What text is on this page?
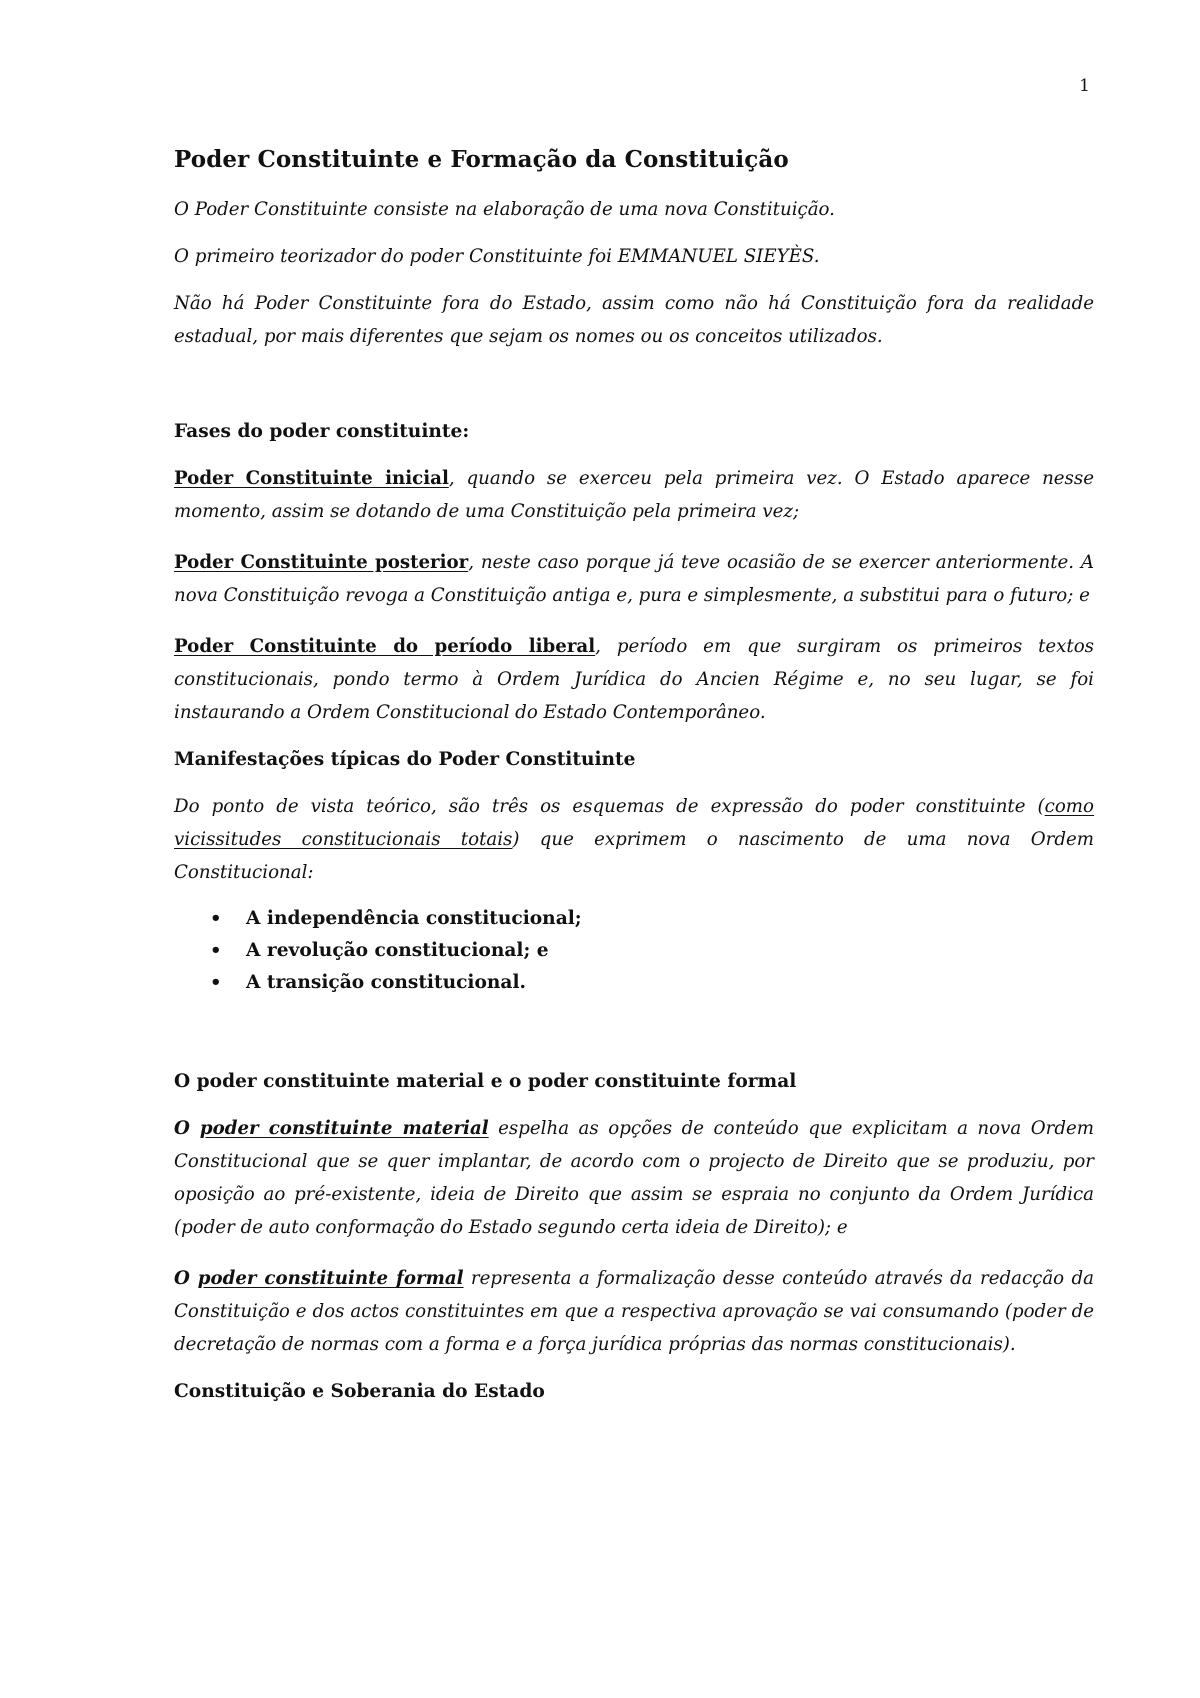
1
Poder Constituinte e Formação da Constituição

O Poder Constituinte consiste na elaboração de uma nova Constituição.

O primeiro teorizador do poder Constituinte foi EMMANUEL SIEYÈS.

Não há Poder Constituinte fora do Estado, assim como não há Constituição fora da realidade estadual, por mais diferentes que sejam os nomes ou os conceitos utilizados.

Fases do poder constituinte:

Poder Constituinte inicial, quando se exerceu pela primeira vez. O Estado aparece nesse momento, assim se dotando de uma Constituição pela primeira vez;

Poder Constituinte posterior, neste caso porque já teve ocasião de se exercer anteriormente. A nova Constituição revoga a Constituição antiga e, pura e simplesmente, a substitui para o futuro; e

Poder Constituinte do período liberal, período em que surgiram os primeiros textos constitucionais, pondo termo à Ordem Jurídica do Ancien Régime e, no seu lugar, se foi instaurando a Ordem Constitucional do Estado Contemporâneo.

Manifestações típicas do Poder Constituinte

Do ponto de vista teórico, são três os esquemas de expressão do poder constituinte (como vicissitudes constitucionais totais) que exprimem o nascimento de uma nova Ordem Constitucional:

• A independência constitucional;
• A revolução constitucional; e
• A transição constitucional.
O poder constituinte material e o poder constituinte formal

O poder constituinte material espelha as opções de conteúdo que explicitam a nova Ordem Constitucional que se quer implantar, de acordo com o projecto de Direito que se produziu, por oposição ao pré-existente, ideia de Direito que assim se espraia no conjunto da Ordem Jurídica (poder de auto conformação do Estado segundo certa ideia de Direito); e

O poder constituinte formal representa a formalização desse conteúdo através da redacção da Constituição e dos actos constituintes em que a respectiva aprovação se vai consumando (poder de decretação de normas com a forma e a força jurídica próprias das normas constitucionais).

Constituição e Soberania do Estado
